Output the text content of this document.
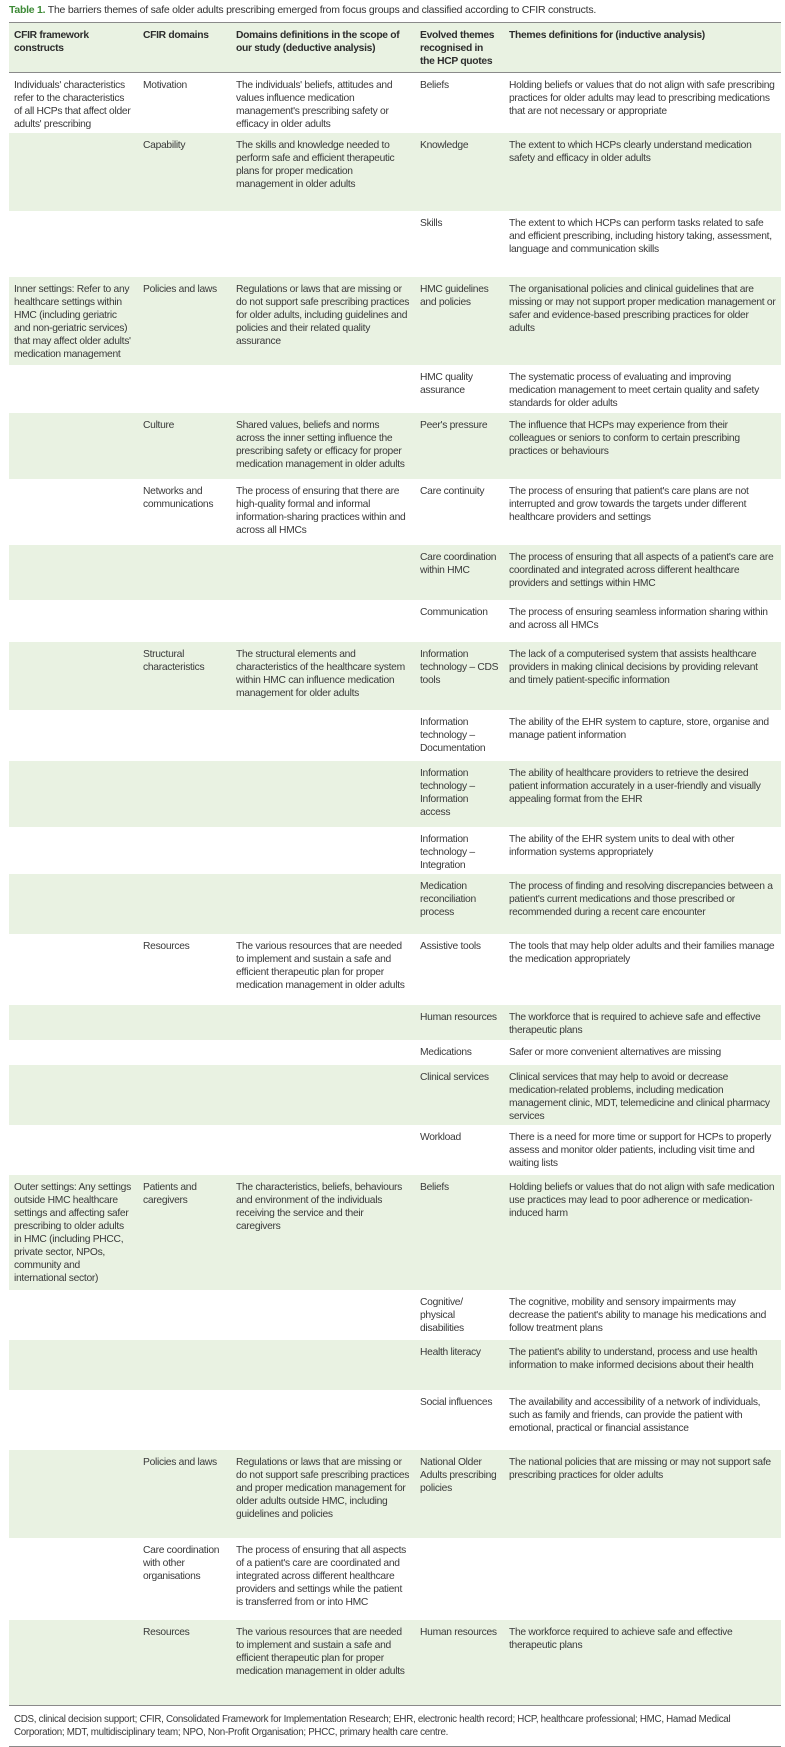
Table 1. The barriers themes of safe older adults prescribing emerged from focus groups and classified according to CFIR constructs.
CFIR framework constructs	CFIR domains	Domains definitions in the scope of our study (deductive analysis)	Evolved themes recognised in the HCP quotes	Themes definitions for (inductive analysis)
Individuals' characteristics refer to the characteristics of all HCPs that affect older adults' prescribing	Motivation	The individuals' beliefs, attitudes and values influence medication management's prescribing safety or efficacy in older adults	Beliefs	Holding beliefs or values that do not align with safe prescribing practices for older adults may lead to prescribing medications that are not necessary or appropriate
	Capability	The skills and knowledge needed to perform safe and efficient therapeutic plans for proper medication management in older adults	Knowledge	The extent to which HCPs clearly understand medication safety and efficacy in older adults
			Skills	The extent to which HCPs can perform tasks related to safe and efficient prescribing, including history taking, assessment, language and communication skills
Inner settings: Refer to any healthcare settings within HMC (including geriatric and non-geriatric services) that may affect older adults' medication management	Policies and laws	Regulations or laws that are missing or do not support safe prescribing practices for older adults, including guidelines and policies and their related quality assurance	HMC guidelines and policies	The organisational policies and clinical guidelines that are missing or may not support proper medication management or safer and evidence-based prescribing practices for older adults
			HMC quality assurance	The systematic process of evaluating and improving medication management to meet certain quality and safety standards for older adults
	Culture	Shared values, beliefs and norms across the inner setting influence the prescribing safety or efficacy for proper medication management in older adults	Peer's pressure	The influence that HCPs may experience from their colleagues or seniors to conform to certain prescribing practices or behaviours
	Networks and communications	The process of ensuring that there are high-quality formal and informal information-sharing practices within and across all HMCs	Care continuity	The process of ensuring that patient's care plans are not interrupted and grow towards the targets under different healthcare providers and settings
			Care coordination within HMC	The process of ensuring that all aspects of a patient's care are coordinated and integrated across different healthcare providers and settings within HMC
			Communication	The process of ensuring seamless information sharing within and across all HMCs
	Structural characteristics	The structural elements and characteristics of the healthcare system within HMC can influence medication management for older adults	Information technology – CDS tools	The lack of a computerised system that assists healthcare providers in making clinical decisions by providing relevant and timely patient-specific information
			Information technology – Documentation	The ability of the EHR system to capture, store, organise and manage patient information
			Information technology – Information access	The ability of healthcare providers to retrieve the desired patient information accurately in a user-friendly and visually appealing format from the EHR
			Information technology – Integration	The ability of the EHR system units to deal with other information systems appropriately
			Medication reconciliation process	The process of finding and resolving discrepancies between a patient's current medications and those prescribed or recommended during a recent care encounter
	Resources	The various resources that are needed to implement and sustain a safe and efficient therapeutic plan for proper medication management in older adults	Assistive tools	The tools that may help older adults and their families manage the medication appropriately
			Human resources	The workforce that is required to achieve safe and effective therapeutic plans
			Medications	Safer or more convenient alternatives are missing
			Clinical services	Clinical services that may help to avoid or decrease medication-related problems, including medication management clinic, MDT, telemedicine and clinical pharmacy services
			Workload	There is a need for more time or support for HCPs to properly assess and monitor older patients, including visit time and waiting lists
Outer settings: Any settings outside HMC healthcare settings and affecting safer prescribing to older adults in HMC (including PHCC, private sector, NPOs, community and international sector)	Patients and caregivers	The characteristics, beliefs, behaviours and environment of the individuals receiving the service and their caregivers	Beliefs	Holding beliefs or values that do not align with safe medication use practices may lead to poor adherence or medication-induced harm
			Cognitive/ physical disabilities	The cognitive, mobility and sensory impairments may decrease the patient's ability to manage his medications and follow treatment plans
			Health literacy	The patient's ability to understand, process and use health information to make informed decisions about their health
			Social influences	The availability and accessibility of a network of individuals, such as family and friends, can provide the patient with emotional, practical or financial assistance
	Policies and laws	Regulations or laws that are missing or do not support safe prescribing practices and proper medication management for older adults outside HMC, including guidelines and policies	National Older Adults prescribing policies	The national policies that are missing or may not support safe prescribing practices for older adults
	Care coordination with other organisations	The process of ensuring that all aspects of a patient's care are coordinated and integrated across different healthcare providers and settings while the patient is transferred from or into HMC		
	Resources	The various resources that are needed to implement and sustain a safe and efficient therapeutic plan for proper medication management in older adults	Human resources	The workforce required to achieve safe and effective therapeutic plans
CDS, clinical decision support; CFIR, Consolidated Framework for Implementation Research; EHR, electronic health record; HCP, healthcare professional; HMC, Hamad Medical Corporation; MDT, multidisciplinary team; NPO, Non-Profit Organisation; PHCC, primary health care centre.				
